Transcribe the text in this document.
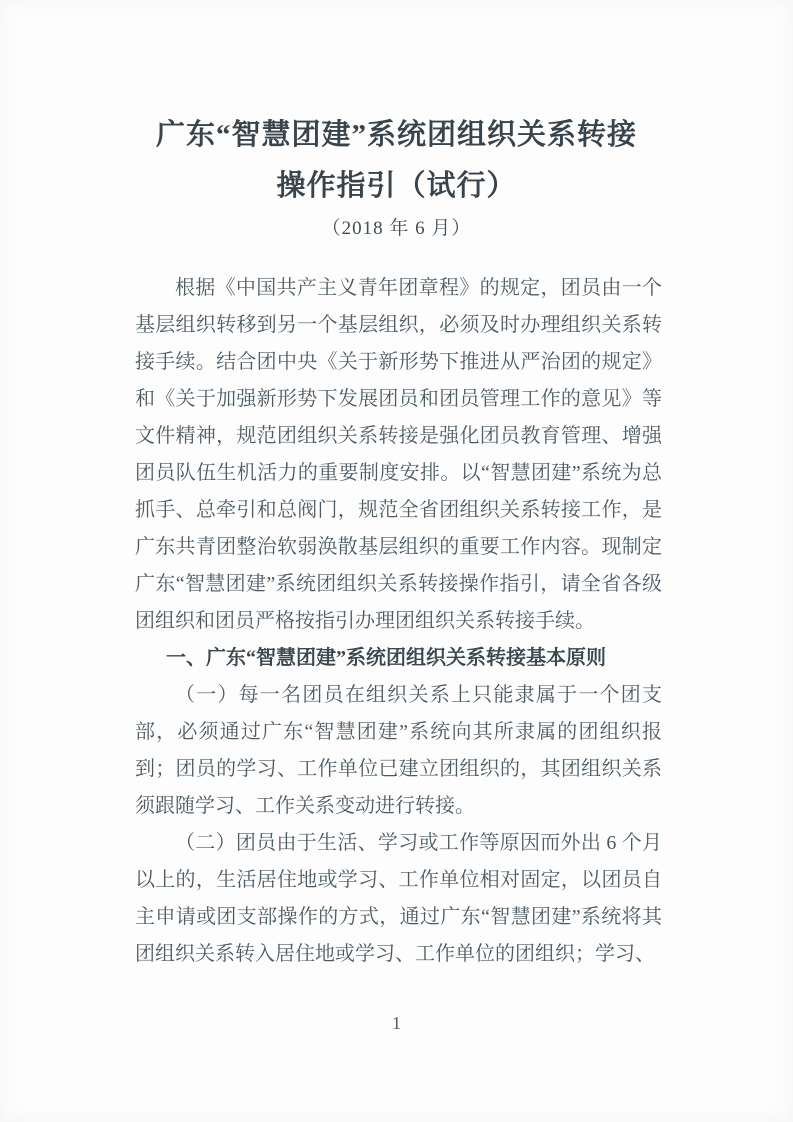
广东“智慧团建”系统团组织关系转接
操作指引（试行）
（2018 年 6 月）

根据《中国共产主义青年团章程》的规定，团员由一个基层组织转移到另一个基层组织，必须及时办理组织关系转接手续。结合团中央《关于新形势下推进从严治团的规定》和《关于加强新形势下发展团员和团员管理工作的意见》等文件精神，规范团组织关系转接是强化团员教育管理、增强团员队伍生机活力的重要制度安排。以“智慧团建”系统为总抓手、总牵引和总阀门，规范全省团组织关系转接工作，是广东共青团整治软弱涣散基层组织的重要工作内容。现制定广东“智慧团建”系统团组织关系转接操作指引，请全省各级团组织和团员严格按指引办理团组织关系转接手续。

一、广东“智慧团建”系统团组织关系转接基本原则

（一）每一名团员在组织关系上只能隶属于一个团支部，必须通过广东“智慧团建”系统向其所隶属的团组织报到；团员的学习、工作单位已建立团组织的，其团组织关系须跟随学习、工作关系变动进行转接。

（二）团员由于生活、学习或工作等原因而外出 6 个月以上的，生活居住地或学习、工作单位相对固定，以团员自主申请或团支部操作的方式，通过广东“智慧团建”系统将其团组织关系转入居住地或学习、工作单位的团组织；学习、

1
